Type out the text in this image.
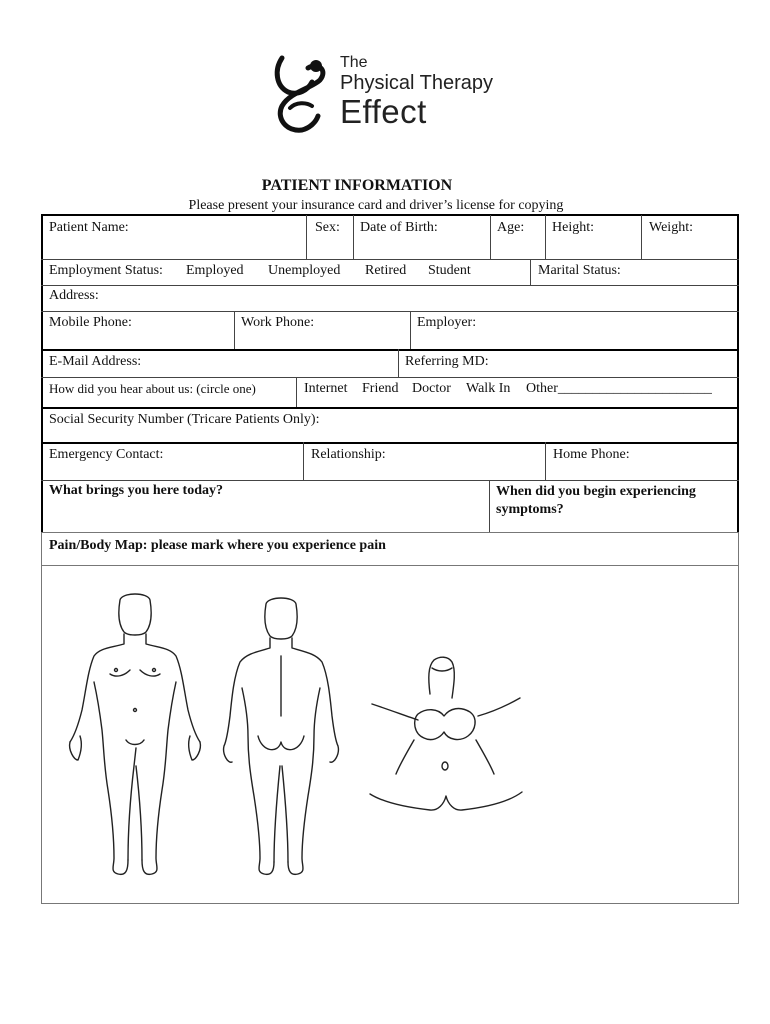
The
Physical Therapy
Effect
PATIENT INFORMATION
Please present your insurance card and driver’s license for copying
Patient Name:	Sex: Date of Birth:	Age: Height:	Weight:
Employment Status: Employed Unemployed Retired Student	Marital Status:
Address:
Mobile Phone:	Work Phone:	Employer:
E-Mail Address:	Referring MD:
How did you hear about us: (circle one)	Internet Friend Doctor Walk In Other______________________
Social Security Number (Tricare Patients Only):
Emergency Contact:	Relationship:	Home Phone:
What brings you here today?	When did you begin experiencing symptoms?
Pain/Body Map: please mark where you experience pain
